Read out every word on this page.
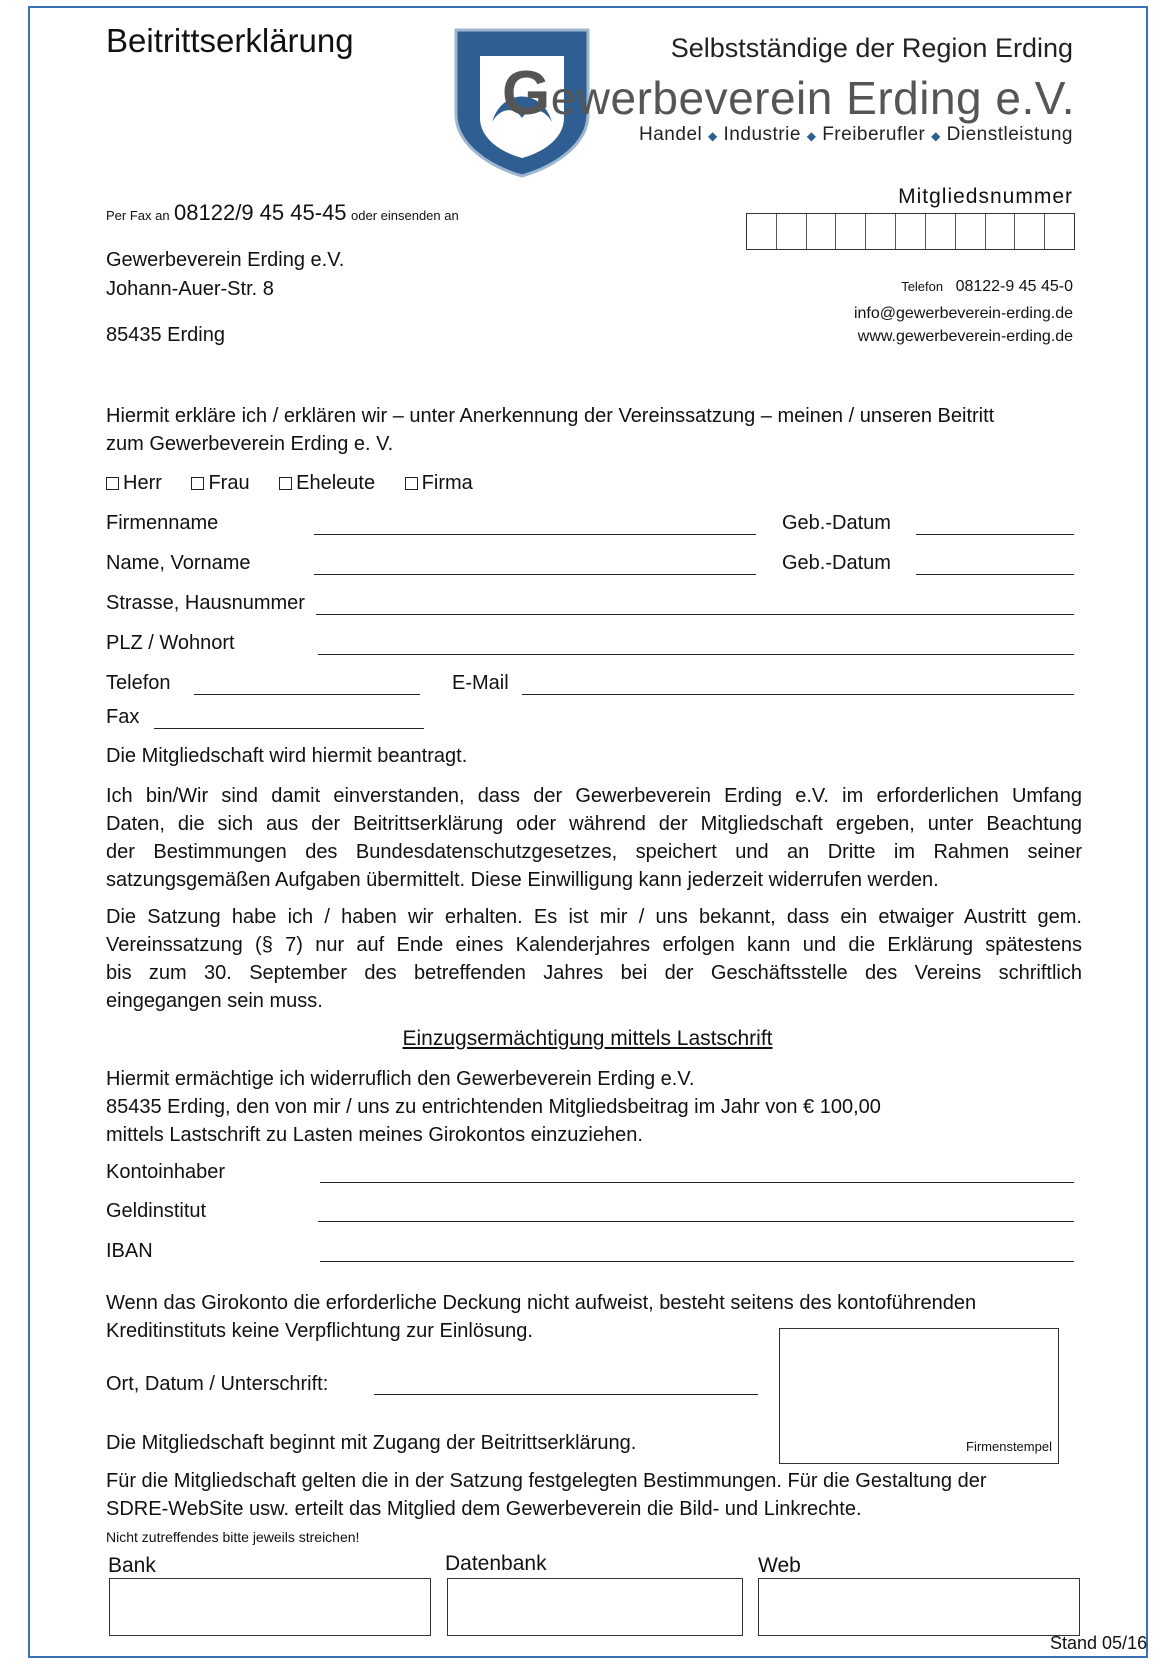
Beitrittserklärung	Selbstständige der Region Erding
Gewerbeverein Erding e.V.
Handel ◆ Industrie ◆ Freiberufler ◆ Dienstleistung
Per Fax an 08122/9 45 45-45 oder einsenden an
Mitgliedsnummer
Gewerbeverein Erding e.V.
Johann-Auer-Str. 8
85435 Erding
Telefon 08122-9 45 45-0
info@gewerbeverein-erding.de
www.gewerbeverein-erding.de
Hiermit erkläre ich / erklären wir – unter Anerkennung der Vereinssatzung – meinen / unseren Beitritt
zum Gewerbeverein Erding e. V.
Herr Frau Eheleute Firma
Firmenname	Geb.-Datum
Name, Vorname	Geb.-Datum
Strasse, Hausnummer
PLZ / Wohnort
Telefon	E-Mail
Fax
Die Mitgliedschaft wird hiermit beantragt.
Ich bin/Wir sind damit einverstanden, dass der Gewerbeverein Erding e.V. im erforderlichen Umfang
Daten, die sich aus der Beitrittserklärung oder während der Mitgliedschaft ergeben, unter Beachtung
der Bestimmungen des Bundesdatenschutzgesetzes, speichert und an Dritte im Rahmen seiner
satzungsgemäßen Aufgaben übermittelt. Diese Einwilligung kann jederzeit widerrufen werden.
Die Satzung habe ich / haben wir erhalten. Es ist mir / uns bekannt, dass ein etwaiger Austritt gem.
Vereinssatzung (§ 7) nur auf Ende eines Kalenderjahres erfolgen kann und die Erklärung spätestens
bis zum 30. September des betreffenden Jahres bei der Geschäftsstelle des Vereins schriftlich
eingegangen sein muss.
Einzugsermächtigung mittels Lastschrift
Hiermit ermächtige ich widerruflich den Gewerbeverein Erding e.V.
85435 Erding, den von mir / uns zu entrichtenden Mitgliedsbeitrag im Jahr von € 100,00
mittels Lastschrift zu Lasten meines Girokontos einzuziehen.
Kontoinhaber
Geldinstitut
IBAN
Wenn das Girokonto die erforderliche Deckung nicht aufweist, besteht seitens des kontoführenden
Kreditinstituts keine Verpflichtung zur Einlösung.
Ort, Datum / Unterschrift:
Firmenstempel
Die Mitgliedschaft beginnt mit Zugang der Beitrittserklärung.
Für die Mitgliedschaft gelten die in der Satzung festgelegten Bestimmungen. Für die Gestaltung der
SDRE-WebSite usw. erteilt das Mitglied dem Gewerbeverein die Bild- und Linkrechte.
Nicht zutreffendes bitte jeweils streichen!
Bank	Datenbank	Web
Stand 05/16
